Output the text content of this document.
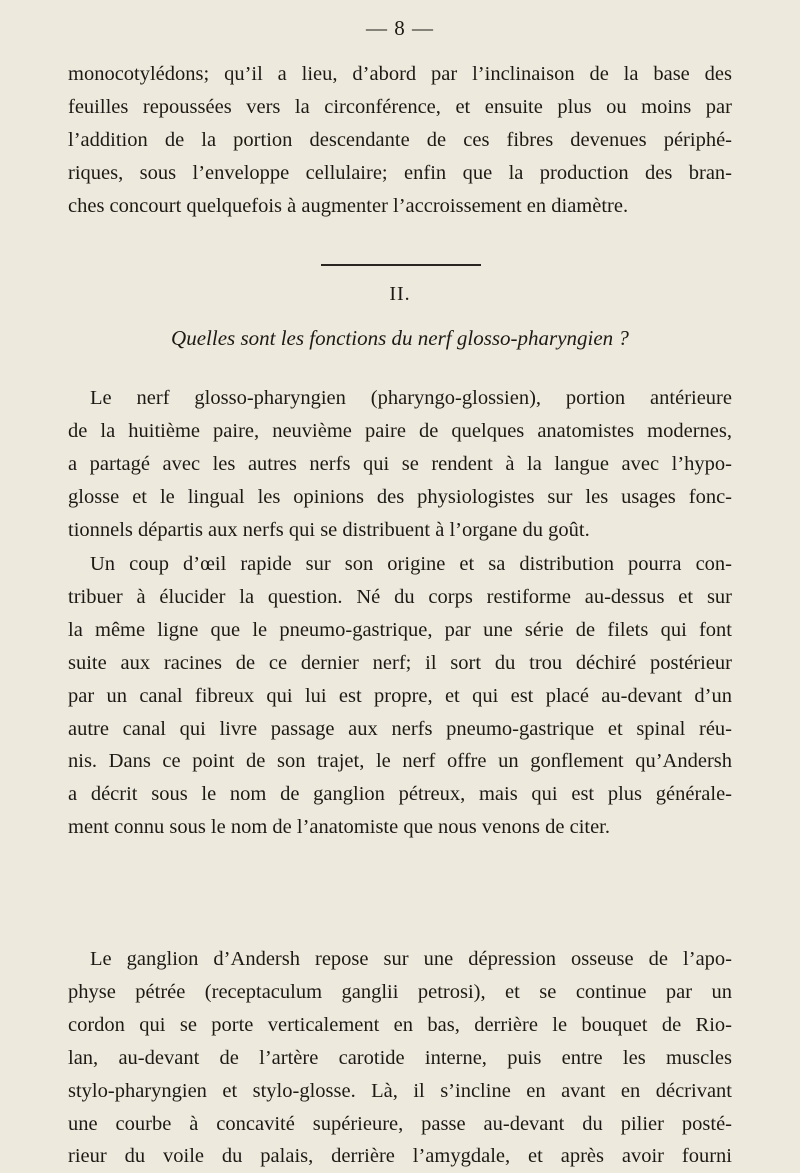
— 8 —
monocotylédons; qu’il a lieu, d’abord par l’inclinaison de la base des
feuilles repoussées vers la circonférence, et ensuite plus ou moins par
l’addition de la portion descendante de ces fibres devenues périphé-
riques, sous l’enveloppe cellulaire; enfin que la production des bran-
ches concourt quelquefois à augmenter l’accroissement en diamètre.
II.
Quelles sont les fonctions du nerf glosso-pharyngien ?
Le nerf glosso-pharyngien (pharyngo-glossien), portion antérieure
de la huitième paire, neuvième paire de quelques anatomistes modernes,
a partagé avec les autres nerfs qui se rendent à la langue avec l’hypo-
glosse et le lingual les opinions des physiologistes sur les usages fonc-
tionnels départis aux nerfs qui se distribuent à l’organe du goût.
Un coup d’œil rapide sur son origine et sa distribution pourra con-
tribuer à élucider la question. Né du corps restiforme au-dessus et sur
la même ligne que le pneumo-gastrique, par une série de filets qui font
suite aux racines de ce dernier nerf; il sort du trou déchiré postérieur
par un canal fibreux qui lui est propre, et qui est placé au-devant d’un
autre canal qui livre passage aux nerfs pneumo-gastrique et spinal réu-
nis. Dans ce point de son trajet, le nerf offre un gonflement qu’Andersh
a décrit sous le nom de ganglion pétreux, mais qui est plus générale-
ment connu sous le nom de l’anatomiste que nous venons de citer.
Le ganglion d’Andersh repose sur une dépression osseuse de l’apo-
physe pétrée (receptaculum ganglii petrosi), et se continue par un
cordon qui se porte verticalement en bas, derrière le bouquet de Rio-
lan, au-devant de l’artère carotide interne, puis entre les muscles
stylo-pharyngien et stylo-glosse. Là, il s’incline en avant en décrivant
une courbe à concavité supérieure, passe au-devant du pilier posté-
rieur du voile du palais, derrière l’amygdale, et après avoir fourni
